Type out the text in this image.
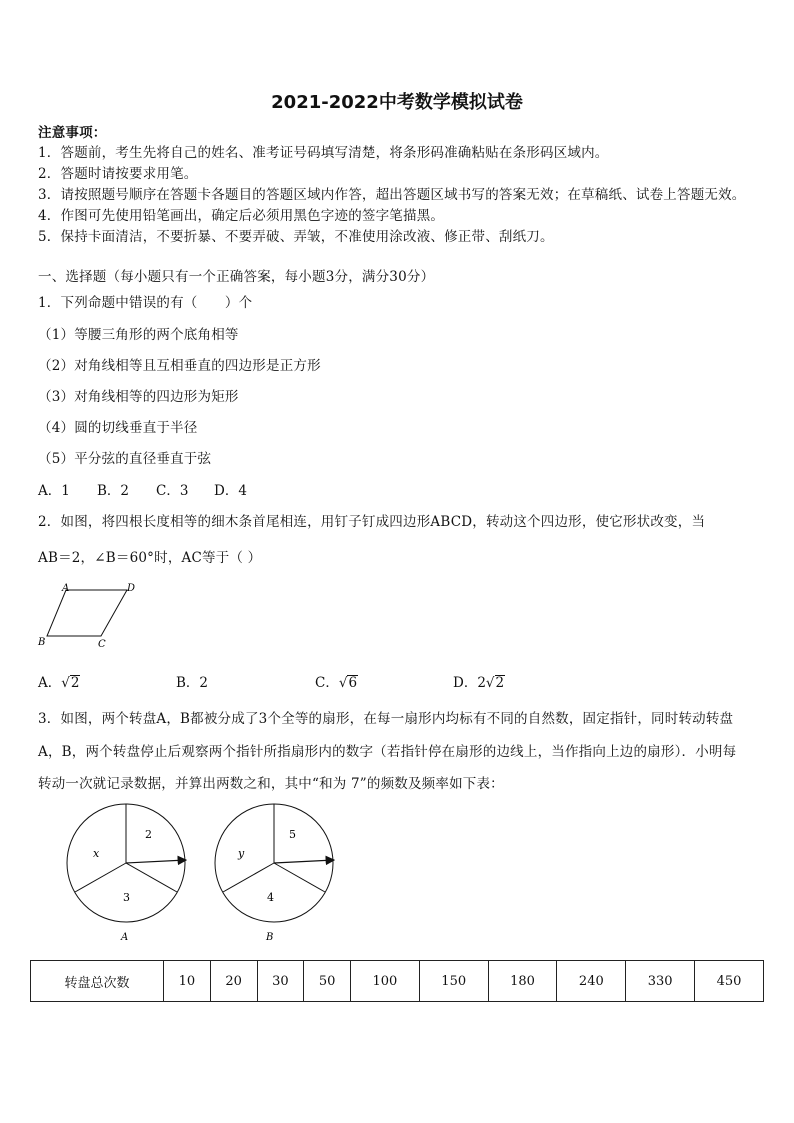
2021-2022中考数学模拟试卷
注意事项：
1．答题前，考生先将自己的姓名、准考证号码填写清楚，将条形码准确粘贴在条形码区域内。
2．答题时请按要求用笔。
3．请按照题号顺序在答题卡各题目的答题区域内作答，超出答题区域书写的答案无效；在草稿纸、试卷上答题无效。
4．作图可先使用铅笔画出，确定后必须用黑色字迹的签字笔描黑。
5．保持卡面清洁，不要折暴、不要弄破、弄皱，不准使用涂改液、修正带、刮纸刀。
一、选择题（每小题只有一个正确答案，每小题3分，满分30分）
1．下列命题中错误的有（　　）个
（1）等腰三角形的两个底角相等
（2）对角线相等且互相垂直的四边形是正方形
（3）对角线相等的四边形为矩形
（4）圆的切线垂直于半径
（5）平分弦的直径垂直于弦
A．1 B．2 C．3 D．4
2．如图，将四根长度相等的细木条首尾相连，用钉子钉成四边形ABCD，转动这个四边形，使它形状改变，当
AB＝2，∠B＝60°时，AC等于（ ）
A	D
B	C
A．√2	B．2	C．√6	D．2√2
3．如图，两个转盘A，B都被分成了3个全等的扇形，在每一扇形内均标有不同的自然数，固定指针，同时转动转盘
A，B，两个转盘停止后观察两个指针所指扇形内的数字（若指针停在扇形的边线上，当作指向上边的扇形）．小明每
转动一次就记录数据，并算出两数之和，其中“和为 7”的频数及频率如下表：
2
x
3
A
5
y
4
B
转盘总次数	10	20	30	50	100	150	180	240	330	450
